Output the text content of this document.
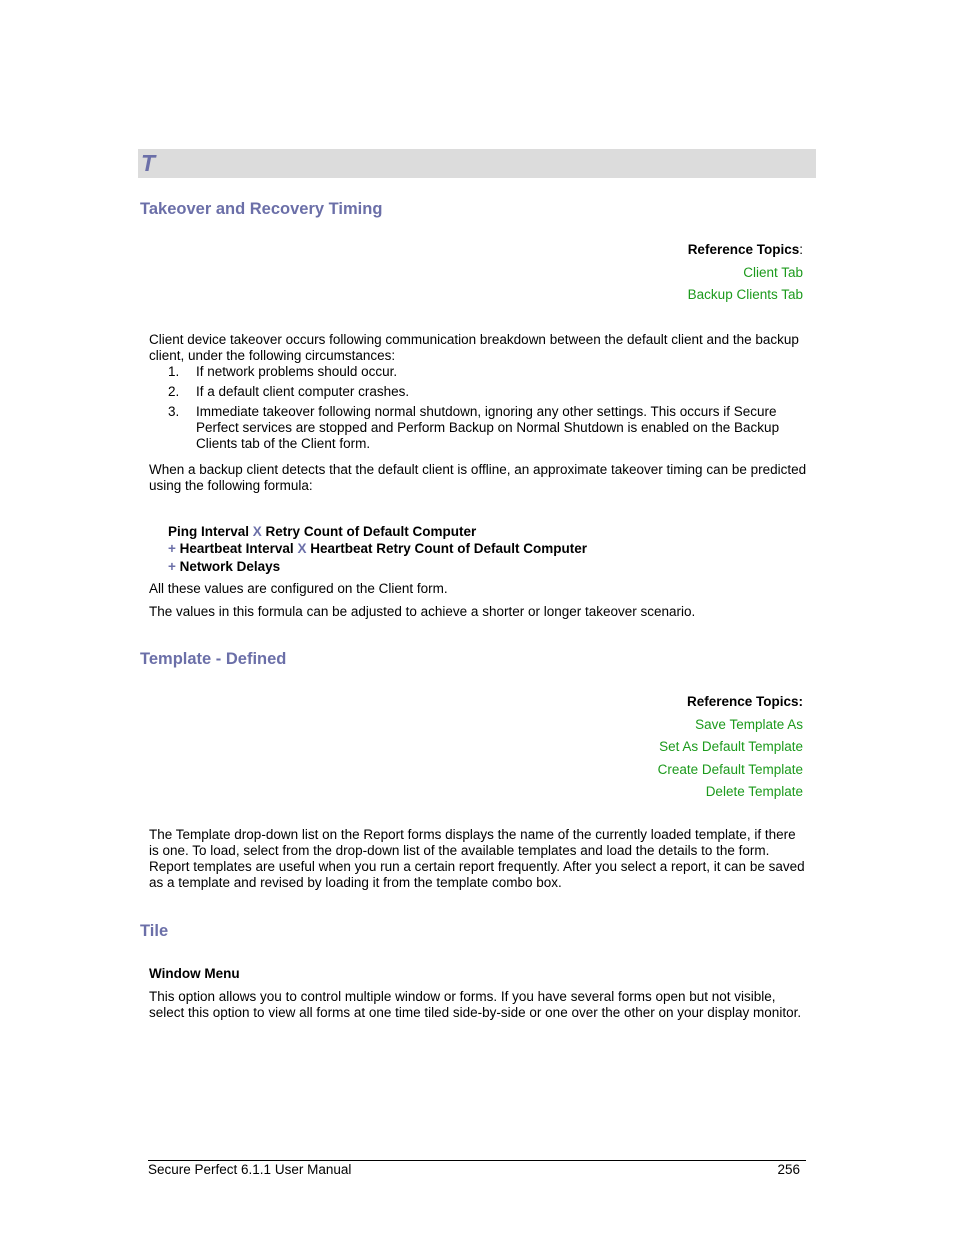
T
Takeover and Recovery Timing
Reference Topics:
Client Tab
Backup Clients Tab
Client device takeover occurs following communication breakdown between the default client and the backup client, under the following circumstances:
1.	If network problems should occur.
2.	If a default client computer crashes.
3.	Immediate takeover following normal shutdown, ignoring any other settings. This occurs if Secure Perfect services are stopped and Perform Backup on Normal Shutdown is enabled on the Backup Clients tab of the Client form.
When a backup client detects that the default client is offline, an approximate takeover timing can be predicted using the following formula:
Ping Interval X Retry Count of Default Computer
+ Heartbeat Interval X Heartbeat Retry Count of Default Computer
+ Network Delays
All these values are configured on the Client form.
The values in this formula can be adjusted to achieve a shorter or longer takeover scenario.
Template - Defined
Reference Topics:
Save Template As
Set As Default Template
Create Default Template
Delete Template
The Template drop-down list on the Report forms displays the name of the currently loaded template, if there is one. To load, select from the drop-down list of the available templates and load the details to the form. Report templates are useful when you run a certain report frequently. After you select a report, it can be saved as a template and revised by loading it from the template combo box.
Tile
Window Menu
This option allows you to control multiple window or forms. If you have several forms open but not visible, select this option to view all forms at one time tiled side-by-side or one over the other on your display monitor.
Secure Perfect 6.1.1 User Manual	256
